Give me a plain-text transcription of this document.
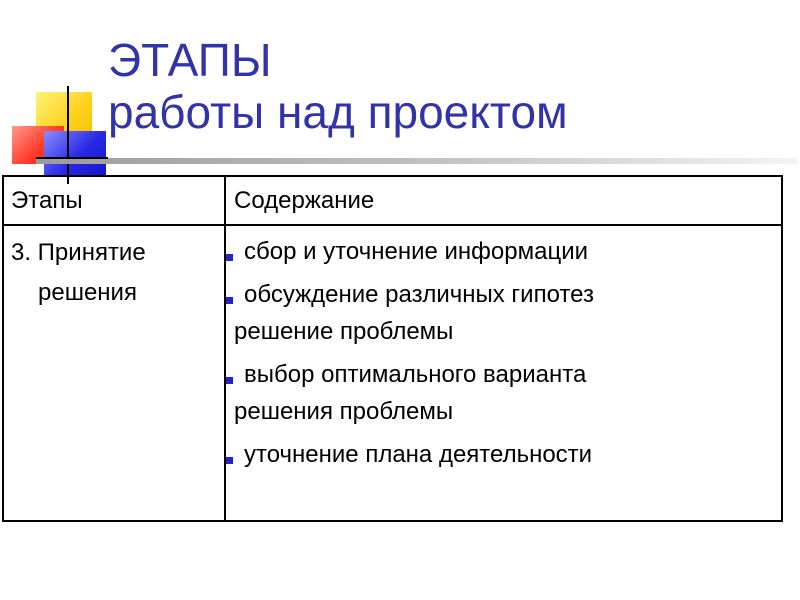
ЭТАПЫ
работы над проектом
Этапы	Содержание
3. Принятие
решения
сбор и уточнение информации
обсуждение различных гипотез
решение проблемы
выбор оптимального варианта
решения проблемы
уточнение плана деятельности
